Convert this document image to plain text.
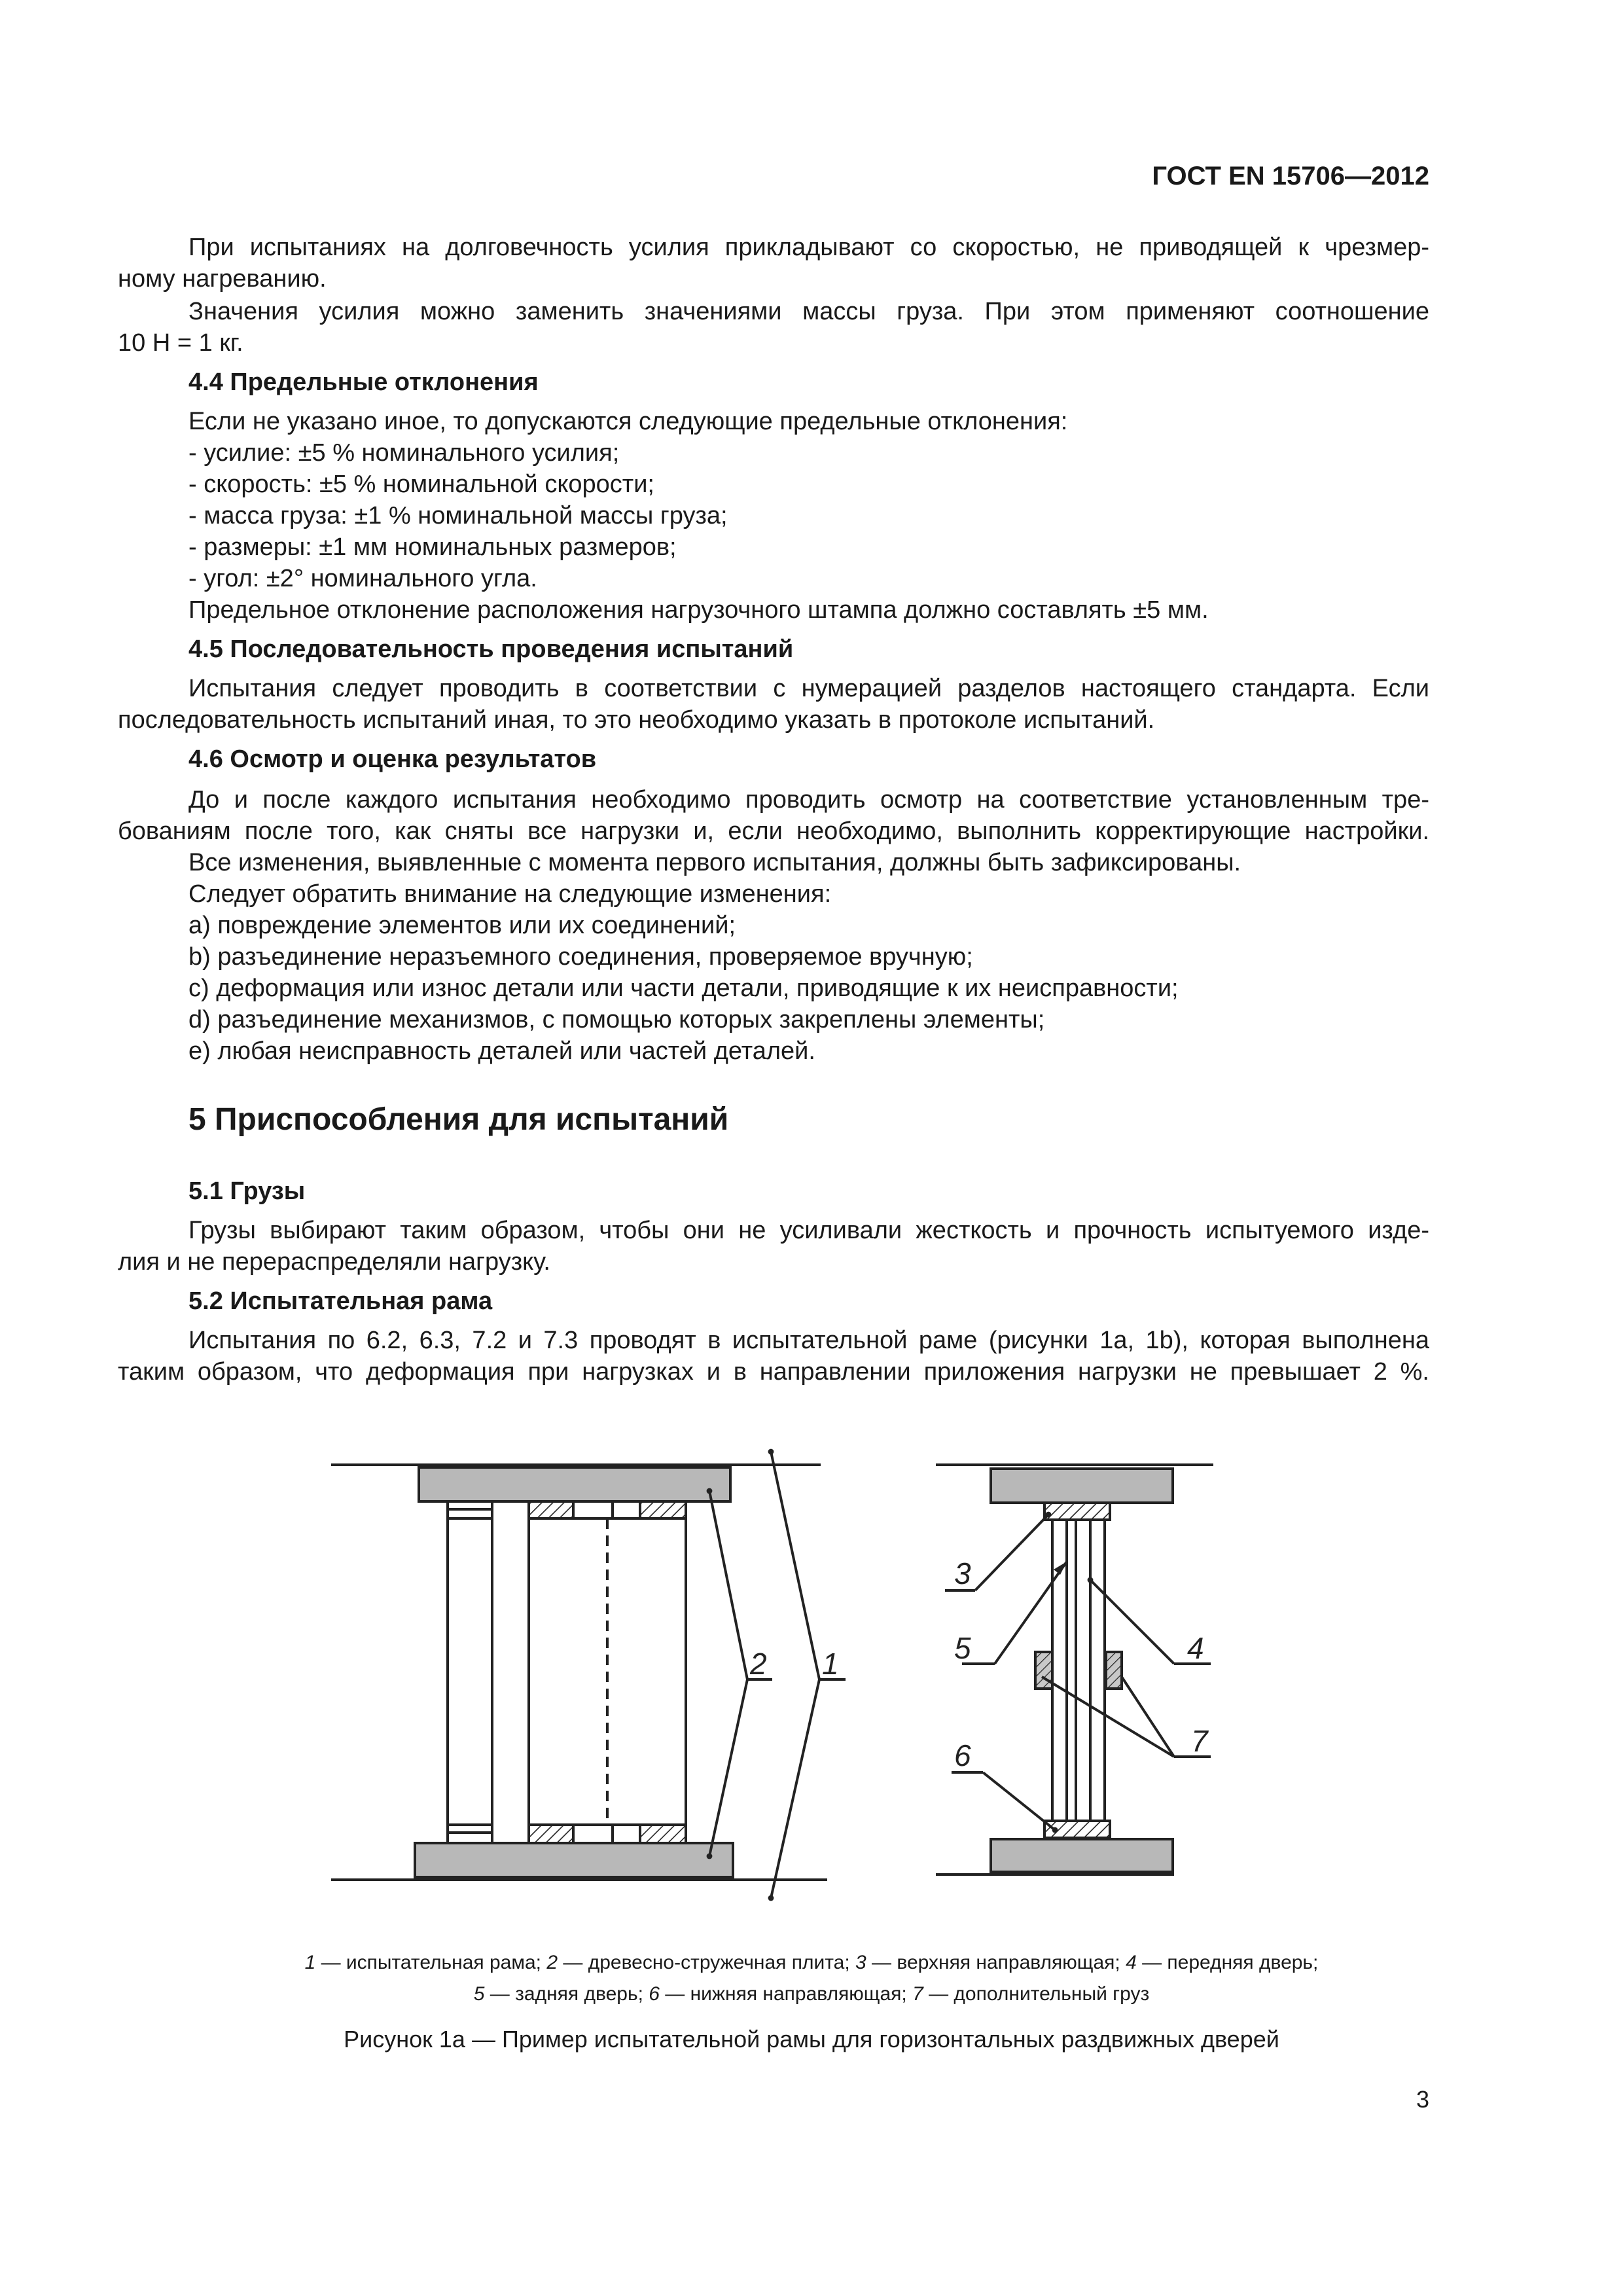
ГОСТ EN 15706—2012

При испытаниях на долговечность усилия прикладывают со скоростью, не приводящей к чрезмер-

ному нагреванию.

Значения усилия можно заменить значениями массы груза. При этом применяют соотношение

10 Н = 1 кг.

4.4 Предельные отклонения

Если не указано иное, то допускаются следующие предельные отклонения:

- усилие: ±5 % номинального усилия;

- скорость: ±5 % номинальной скорости;

- масса груза: ±1 % номинальной массы груза;

- размеры: ±1 мм номинальных размеров;

- угол: ±2° номинального угла.

Предельное отклонение расположения нагрузочного штампа должно составлять ±5 мм.

4.5 Последовательность проведения испытаний

Испытания следует проводить в соответствии с нумерацией разделов настоящего стандарта. Если

последовательность испытаний иная, то это необходимо указать в протоколе испытаний.

4.6 Осмотр и оценка результатов

До и после каждого испытания необходимо проводить осмотр на соответствие установленным тре-

бованиям после того, как сняты все нагрузки и, если необходимо, выполнить корректирующие настройки.

Все изменения, выявленные с момента первого испытания, должны быть зафиксированы.

Следует обратить внимание на следующие изменения:

a) повреждение элементов или их соединений;

b) разъединение неразъемного соединения, проверяемое вручную;

c) деформация или износ детали или части детали, приводящие к их неисправности;

d) разъединение механизмов, с помощью которых закреплены элементы;

e) любая неисправность деталей или частей деталей.

5 Приспособления для испытаний

5.1 Грузы

Грузы выбирают таким образом, чтобы они не усиливали жесткость и прочность испытуемого изде-

лия и не перераспределяли нагрузку.

5.2 Испытательная рама

Испытания по 6.2, 6.3, 7.2 и 7.3 проводят в испытательной раме (рисунки 1а, 1b), которая выполнена

таким образом, что деформация при нагрузках и в направлении приложения нагрузки не превышает 2 %.

2	1
3
4
5
6	7

1 — испытательная рама; 2 — древесно-стружечная плита; 3 — верхняя направляющая; 4 — передняя дверь;

5 — задняя дверь; 6 — нижняя направляющая; 7 — дополнительный груз

Рисунок 1а — Пример испытательной рамы для горизонтальных раздвижных дверей

3
